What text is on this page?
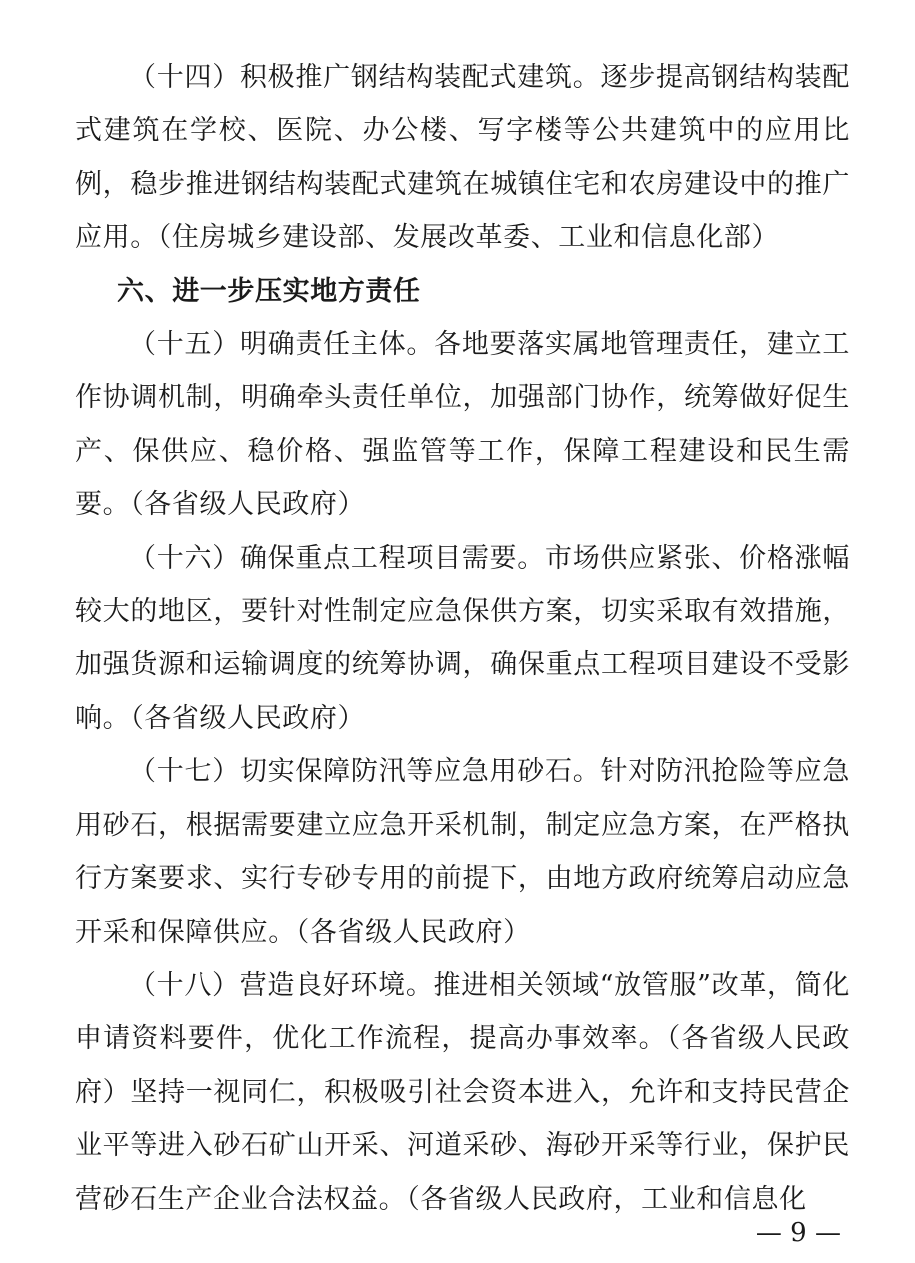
（十四）积极推广钢结构装配式建筑。逐步提高钢结构装配式建筑在学校、医院、办公楼、写字楼等公共建筑中的应用比例，稳步推进钢结构装配式建筑在城镇住宅和农房建设中的推广应用。（住房城乡建设部、发展改革委、工业和信息化部）

六、进一步压实地方责任

（十五）明确责任主体。各地要落实属地管理责任，建立工作协调机制，明确牵头责任单位，加强部门协作，统筹做好促生产、保供应、稳价格、强监管等工作，保障工程建设和民生需要。（各省级人民政府）

（十六）确保重点工程项目需要。市场供应紧张、价格涨幅较大的地区，要针对性制定应急保供方案，切实采取有效措施，加强货源和运输调度的统筹协调，确保重点工程项目建设不受影响。（各省级人民政府）

（十七）切实保障防汛等应急用砂石。针对防汛抢险等应急用砂石，根据需要建立应急开采机制，制定应急方案，在严格执行方案要求、实行专砂专用的前提下，由地方政府统筹启动应急开采和保障供应。（各省级人民政府）

（十八）营造良好环境。推进相关领域“放管服”改革，简化申请资料要件，优化工作流程，提高办事效率。（各省级人民政府）坚持一视同仁，积极吸引社会资本进入，允许和支持民营企业平等进入砂石矿山开采、河道采砂、海砂开采等行业，保护民营砂石生产企业合法权益。（各省级人民政府，工业和信息化

— 9 —
